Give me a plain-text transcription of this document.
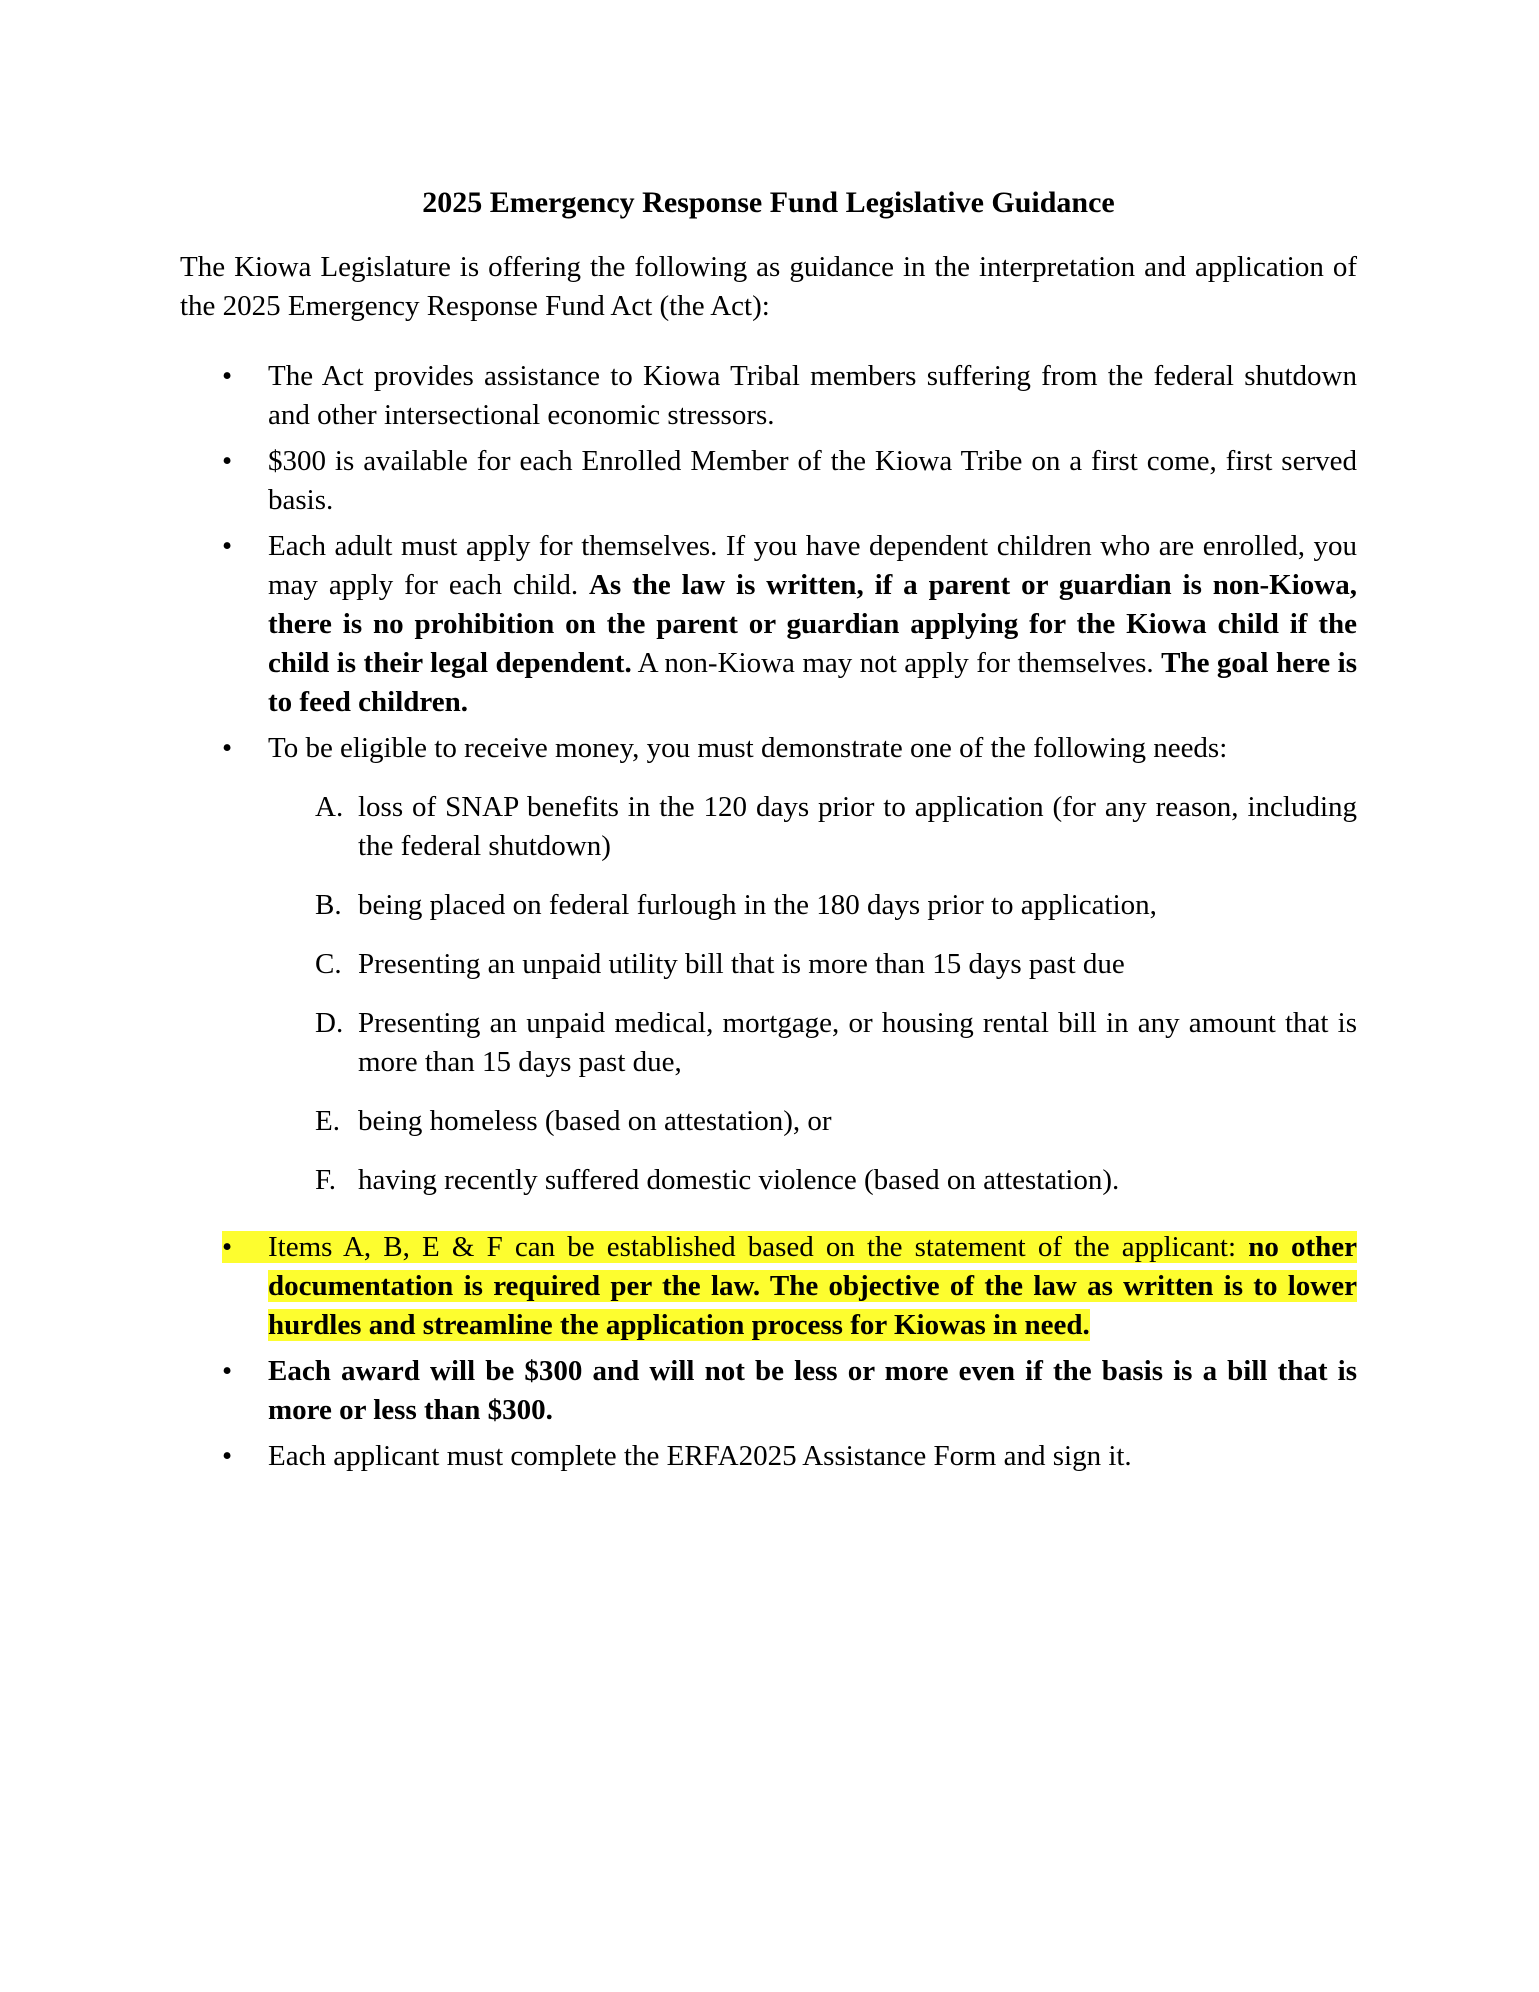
2025 Emergency Response Fund Legislative Guidance

The Kiowa Legislature is offering the following as guidance in the interpretation and application of the 2025 Emergency Response Fund Act (the Act):

• The Act provides assistance to Kiowa Tribal members suffering from the federal shutdown and other intersectional economic stressors.
• $300 is available for each Enrolled Member of the Kiowa Tribe on a first come, first served basis.
• Each adult must apply for themselves. If you have dependent children who are enrolled, you may apply for each child. As the law is written, if a parent or guardian is non-Kiowa, there is no prohibition on the parent or guardian applying for the Kiowa child if the child is their legal dependent. A non-Kiowa may not apply for themselves. The goal here is to feed children.
• To be eligible to receive money, you must demonstrate one of the following needs:
A. loss of SNAP benefits in the 120 days prior to application (for any reason, including the federal shutdown)
B. being placed on federal furlough in the 180 days prior to application,
C. Presenting an unpaid utility bill that is more than 15 days past due
D. Presenting an unpaid medical, mortgage, or housing rental bill in any amount that is more than 15 days past due,
E. being homeless (based on attestation), or
F. having recently suffered domestic violence (based on attestation).
• Items A, B, E & F can be established based on the statement of the applicant: no other documentation is required per the law. The objective of the law as written is to lower hurdles and streamline the application process for Kiowas in need.
• Each award will be $300 and will not be less or more even if the basis is a bill that is more or less than $300.
• Each applicant must complete the ERFA2025 Assistance Form and sign it.
